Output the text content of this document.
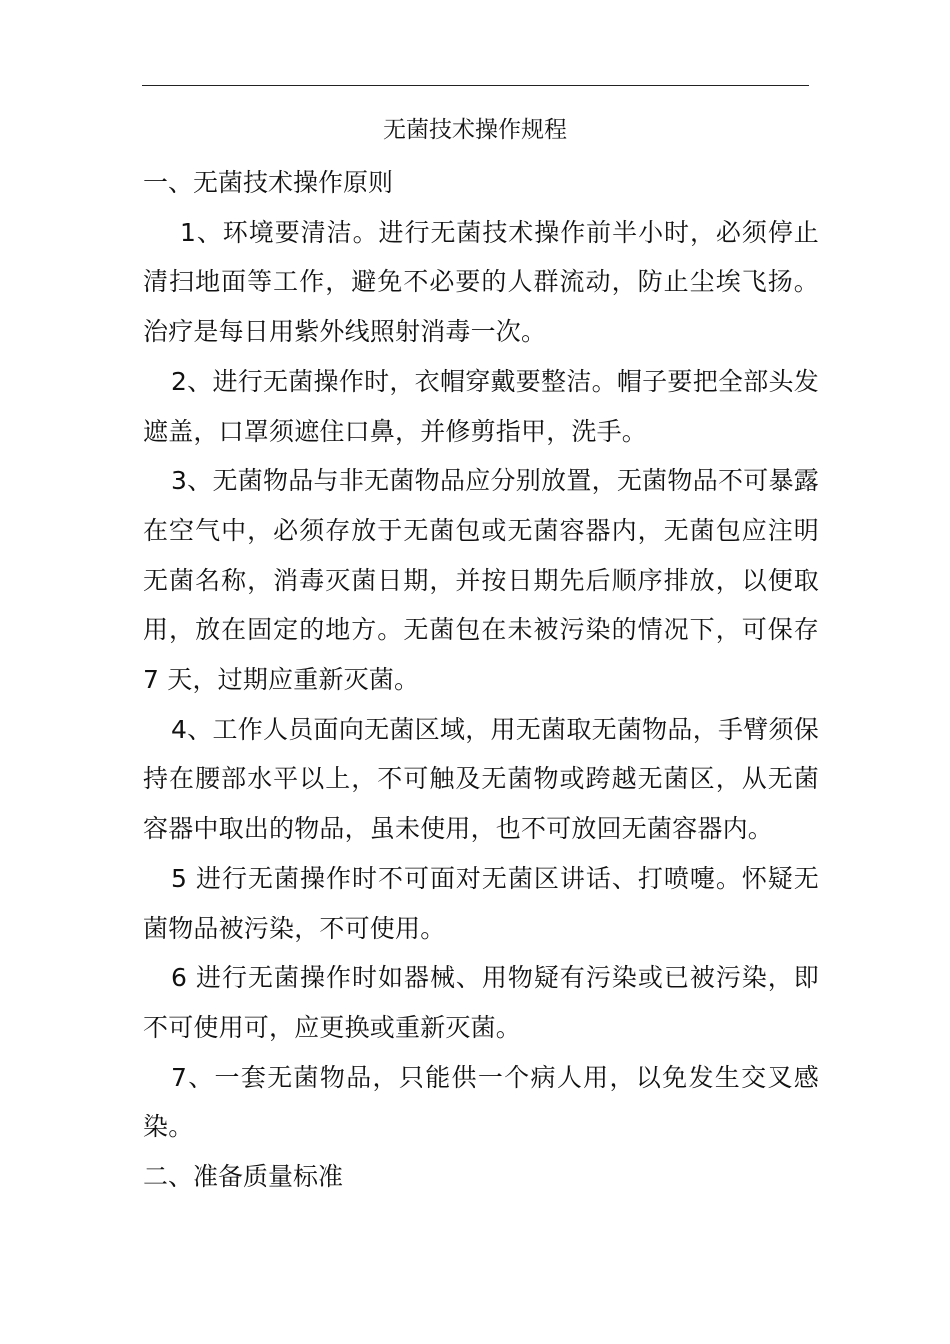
无菌技术操作规程

一、无菌技术操作原则

1、环境要清洁。进行无菌技术操作前半小时，必须停止清扫地面等工作，避免不必要的人群流动，防止尘埃飞扬。治疗是每日用紫外线照射消毒一次。

2、进行无菌操作时，衣帽穿戴要整洁。帽子要把全部头发遮盖，口罩须遮住口鼻，并修剪指甲，洗手。

3、无菌物品与非无菌物品应分别放置，无菌物品不可暴露在空气中，必须存放于无菌包或无菌容器内，无菌包应注明无菌名称，消毒灭菌日期，并按日期先后顺序排放，以便取用，放在固定的地方。无菌包在未被污染的情况下，可保存 7 天，过期应重新灭菌。

4、工作人员面向无菌区域，用无菌取无菌物品，手臂须保持在腰部水平以上，不可触及无菌物或跨越无菌区，从无菌容器中取出的物品，虽未使用，也不可放回无菌容器内。

5 进行无菌操作时不可面对无菌区讲话、打喷嚏。怀疑无菌物品被污染，不可使用。

6 进行无菌操作时如器械、用物疑有污染或已被污染，即不可使用可，应更换或重新灭菌。

7、一套无菌物品，只能供一个病人用，以免发生交叉感染。

二、准备质量标准
